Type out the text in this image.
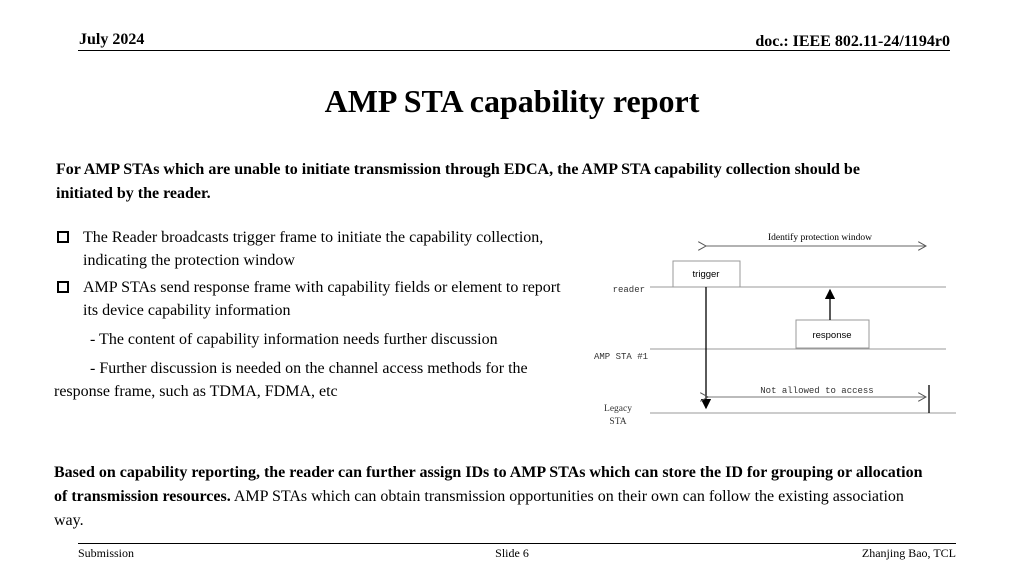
July 2024	doc.: IEEE 802.11-24/1194r0
AMP STA capability report
For AMP STAs which are unable to initiate transmission through EDCA, the AMP STA capability collection should be initiated by the reader.
The Reader broadcasts trigger frame to initiate the capability collection, indicating the protection window
AMP STAs send response frame with capability fields or element to report its device capability information
- The content of capability information needs further discussion
- Further discussion is needed on the channel access methods for the response frame, such as TDMA, FDMA, etc
Identify protection window
reader
AMP STA #1
Legacy
STA
trigger
response
Not allowed to access
Based on capability reporting, the reader can further assign IDs to AMP STAs which can store the ID for grouping or allocation of transmission resources. AMP STAs which can obtain transmission opportunities on their own can follow the existing association way.
Submission	Slide 6	Zhanjing Bao, TCL
